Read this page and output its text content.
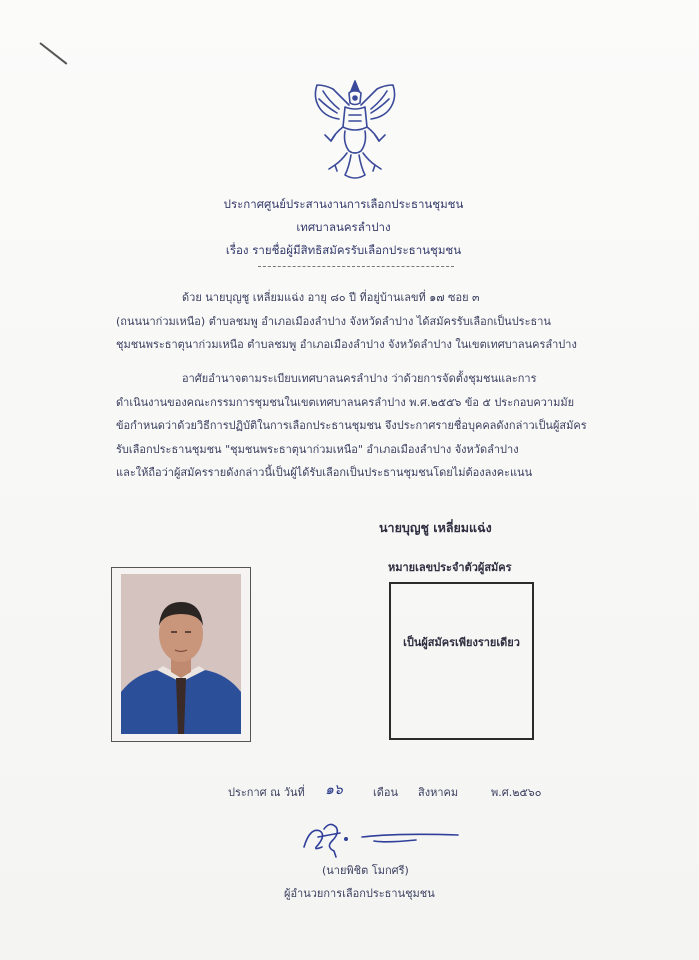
ประกาศศูนย์ประสานงานการเลือกประธานชุมชน
เทศบาลนครลำปาง
เรื่อง รายชื่อผู้มีสิทธิสมัครรับเลือกประธานชุมชน
ด้วย นายบุญชู เหลี่ยมแฉ่ง อายุ ๘๐ ปี ที่อยู่บ้านเลขที่ ๑๗ ซอย ๓
(ถนนนาก่วมเหนือ) ตำบลชมพู อำเภอเมืองลำปาง จังหวัดลำปาง ได้สมัครรับเลือกเป็นประธาน
ชุมชนพระธาตุนาก่วมเหนือ ตำบลชมพู อำเภอเมืองลำปาง จังหวัดลำปาง ในเขตเทศบาลนครลำปาง
อาศัยอำนาจตามระเบียบเทศบาลนครลำปาง ว่าด้วยการจัดตั้งชุมชนและการ
ดำเนินงานของคณะกรรมการชุมชนในเขตเทศบาลนครลำปาง พ.ศ.๒๕๕๖ ข้อ ๕ ประกอบความมัย
ข้อกำหนดว่าด้วยวิธีการปฏิบัติในการเลือกประธานชุมชน จึงประกาศรายชื่อบุคคลดังกล่าวเป็นผู้สมัคร
รับเลือกประธานชุมชน "ชุมชนพระธาตุนาก่วมเหนือ" อำเภอเมืองลำปาง จังหวัดลำปาง
และให้ถือว่าผู้สมัครรายดังกล่าวนี้เป็นผู้ได้รับเลือกเป็นประธานชุมชนโดยไม่ต้องลงคะแนน
นายบุญชู เหลี่ยมแฉ่ง
หมายเลขประจำตัวผู้สมัคร
เป็นผู้สมัครเพียงรายเดียว
ประกาศ ณ วันที่ ๑๖	เดือน สิงหาคม	พ.ศ.๒๕๖๐
(นายพิชิต โมกศรี)
ผู้อำนวยการเลือกประธานชุมชน
